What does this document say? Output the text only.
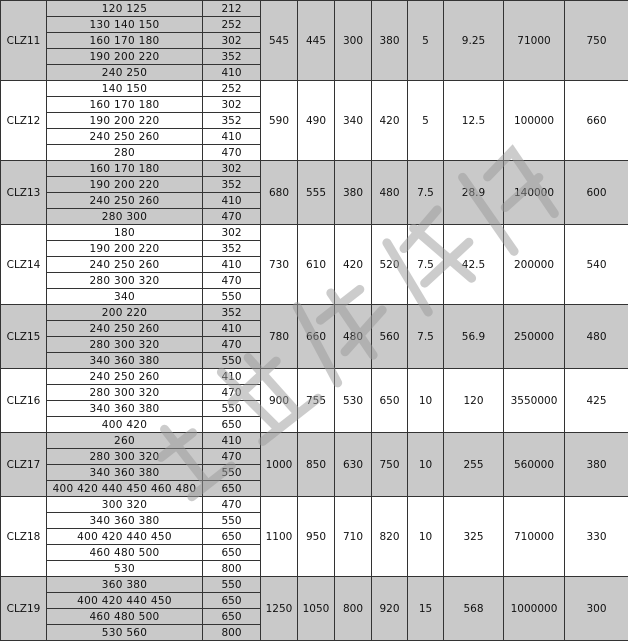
CLZ11	120 125	212	545	445	300	380	5	9.25	71000	750
	130 140 150	252								
	160 170 180	302								
	190 200 220	352								
	240 250	410								
CLZ12	140 150	252	590	490	340	420	5	12.5	100000	660
	160 170 180	302								
	190 200 220	352								
	240 250 260	410								
	280	470								
CLZ13	160 170 180	302	680	555	380	480	7.5	28.9	140000	600
	190 200 220	352								
	240 250 260	410								
	280 300	470								
CLZ14	180	302	730	610	420	520	7.5	42.5	200000	540
	190 200 220	352								
	240 250 260	410								
	280 300 320	470								
	340	550								
CLZ15	200 220	352	780	660	480	560	7.5	56.9	250000	480
	240 250 260	410								
	280 300 320	470								
	340 360 380	550								
CLZ16	240 250 260	410	900	755	530	650	10	120	3550000	425
	280 300 320	470								
	340 360 380	550								
	400 420	650								
CLZ17	260	410	1000	850	630	750	10	255	560000	380
	280 300 320	470								
	340 360 380	550								
	400 420 440 450 460 480	650								
CLZ18	300 320	470	1100	950	710	820	10	325	710000	330
	340 360 380	550								
	400 420 440 450	650								
	460 480 500	650								
	530	800								
CLZ19	360 380	550	1250	1050	800	920	15	568	1000000	300
	400 420 440 450	650								
	460 480 500	650								
	530 560	800								
